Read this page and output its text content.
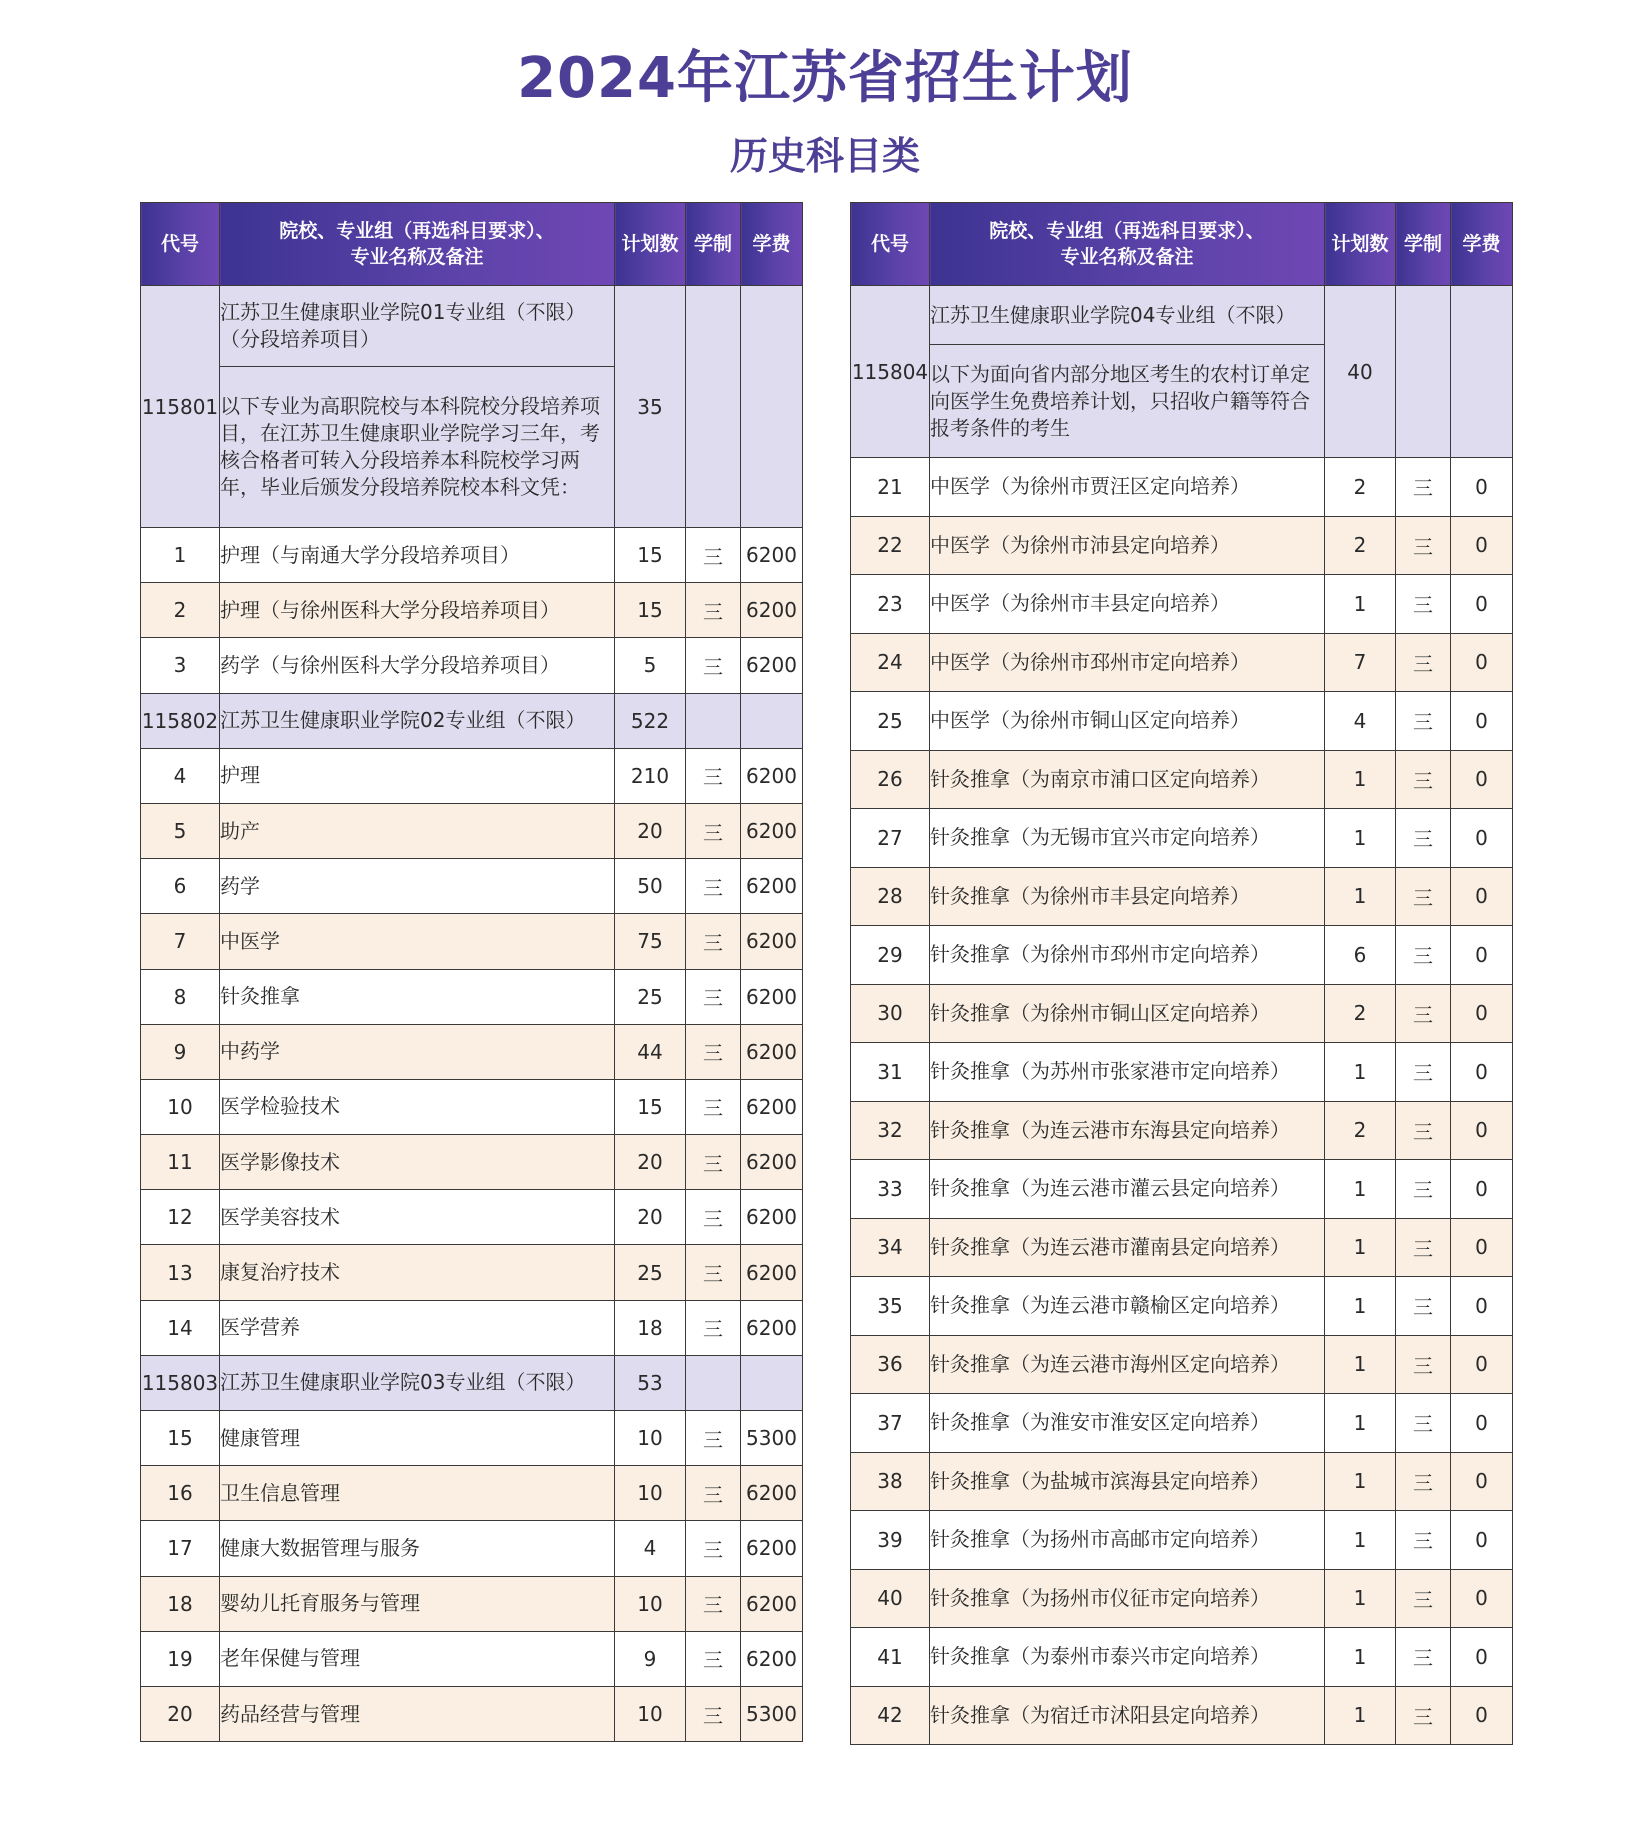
2024年江苏省招生计划
历史科目类
代号	院校、专业组（再选科目要求）、
专业名称及备注	计划数	学制	学费
115801	江苏卫生健康职业学院01专业组（不限）（分段培养项目）	35		
	以下专业为高职院校与本科院校分段培养项目，在江苏卫生健康职业学院学习三年，考核合格者可转入分段培养本科院校学习两年，毕业后颁发分段培养院校本科文凭：			
1	护理（与南通大学分段培养项目）	15	三	6200
2	护理（与徐州医科大学分段培养项目）	15	三	6200
3	药学（与徐州医科大学分段培养项目）	5	三	6200
115802	江苏卫生健康职业学院02专业组（不限）	522		
4	护理	210	三	6200
5	助产	20	三	6200
6	药学	50	三	6200
7	中医学	75	三	6200
8	针灸推拿	25	三	6200
9	中药学	44	三	6200
10	医学检验技术	15	三	6200
11	医学影像技术	20	三	6200
12	医学美容技术	20	三	6200
13	康复治疗技术	25	三	6200
14	医学营养	18	三	6200
115803	江苏卫生健康职业学院03专业组（不限）	53		
15	健康管理	10	三	5300
16	卫生信息管理	10	三	6200
17	健康大数据管理与服务	4	三	6200
18	婴幼儿托育服务与管理	10	三	6200
19	老年保健与管理	9	三	6200
20	药品经营与管理	10	三	5300
代号	院校、专业组（再选科目要求）、
专业名称及备注	计划数	学制	学费
115804	江苏卫生健康职业学院04专业组（不限）	40		
	以下为面向省内部分地区考生的农村订单定向医学生免费培养计划，只招收户籍等符合报考条件的考生			
21	中医学（为徐州市贾汪区定向培养）	2	三	0
22	中医学（为徐州市沛县定向培养）	2	三	0
23	中医学（为徐州市丰县定向培养）	1	三	0
24	中医学（为徐州市邳州市定向培养）	7	三	0
25	中医学（为徐州市铜山区定向培养）	4	三	0
26	针灸推拿（为南京市浦口区定向培养）	1	三	0
27	针灸推拿（为无锡市宜兴市定向培养）	1	三	0
28	针灸推拿（为徐州市丰县定向培养）	1	三	0
29	针灸推拿（为徐州市邳州市定向培养）	6	三	0
30	针灸推拿（为徐州市铜山区定向培养）	2	三	0
31	针灸推拿（为苏州市张家港市定向培养）	1	三	0
32	针灸推拿（为连云港市东海县定向培养）	2	三	0
33	针灸推拿（为连云港市灌云县定向培养）	1	三	0
34	针灸推拿（为连云港市灌南县定向培养）	1	三	0
35	针灸推拿（为连云港市赣榆区定向培养）	1	三	0
36	针灸推拿（为连云港市海州区定向培养）	1	三	0
37	针灸推拿（为淮安市淮安区定向培养）	1	三	0
38	针灸推拿（为盐城市滨海县定向培养）	1	三	0
39	针灸推拿（为扬州市高邮市定向培养）	1	三	0
40	针灸推拿（为扬州市仪征市定向培养）	1	三	0
41	针灸推拿（为泰州市泰兴市定向培养）	1	三	0
42	针灸推拿（为宿迁市沭阳县定向培养）	1	三	0
